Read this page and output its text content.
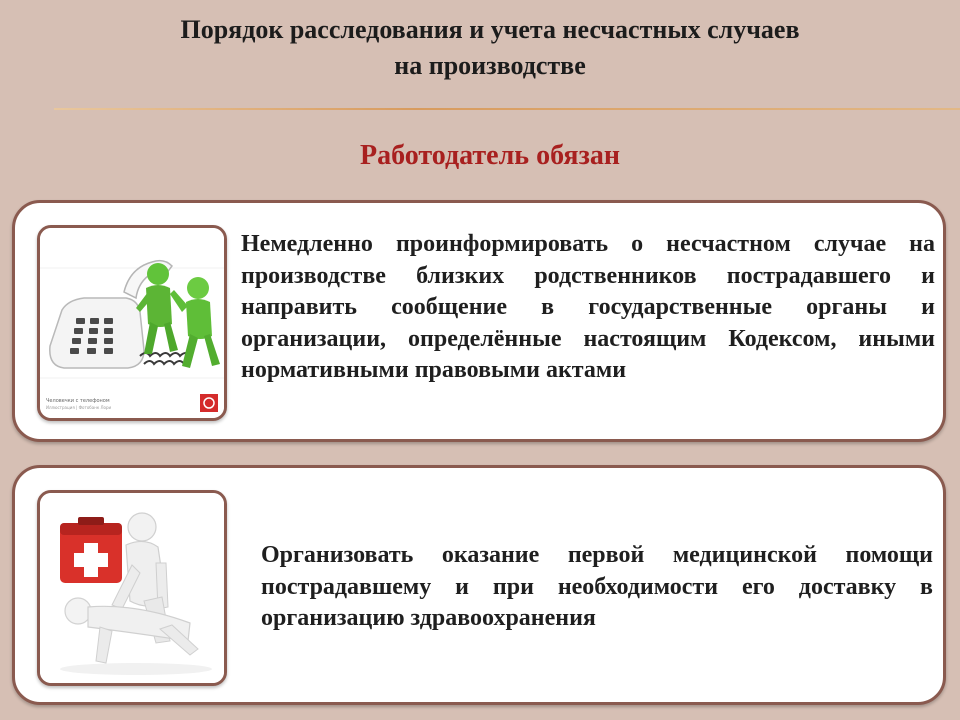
Порядок расследования и учета несчастных случаев
на производстве
Работодатель обязан
Человечки с телефоном
Иллюстрация | Фотобанк Лори
Немедленно проинформировать о несчастном случае на производстве близких родственников пострадавшего и направить сообщение в государственные органы и организации, определённые настоящим Кодексом, иными нормативными правовыми актами
Организовать оказание первой медицинской помощи пострадавшему и при необходимости его доставку в организацию здравоохранения
